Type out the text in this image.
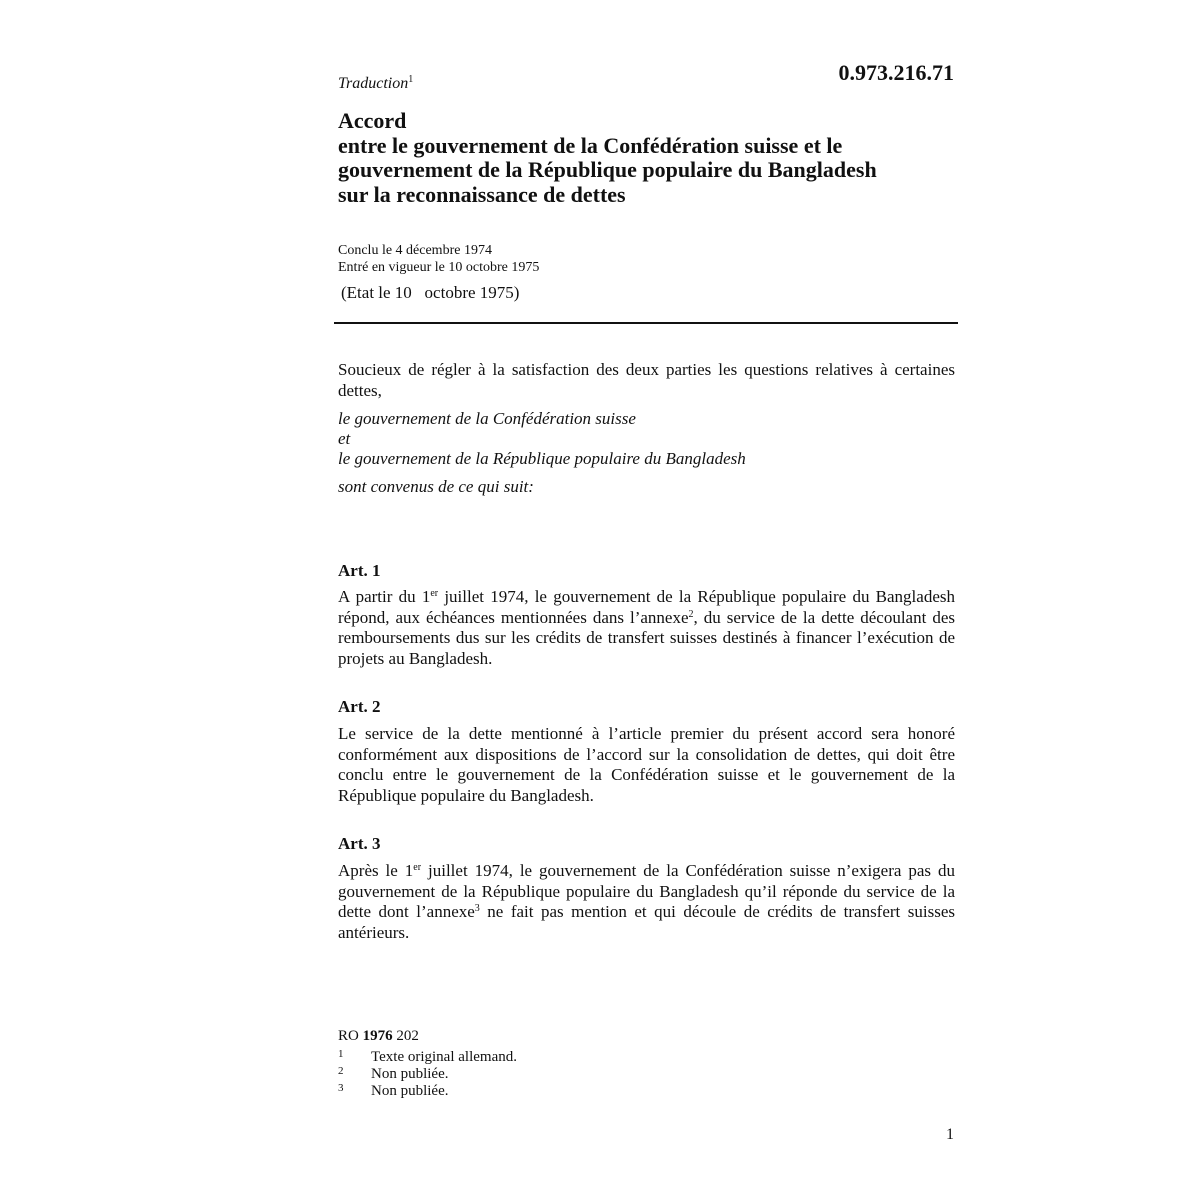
Traduction$^1$	0.973.216.71
Accord
entre le gouvernement de la Confédération suisse et le
gouvernement de la République populaire du Bangladesh
sur la reconnaissance de dettes
Conclu le 4 décembre 1974
Entré en vigueur le 10 octobre 1975
(Etat le 10   octobre 1975)
Soucieux de régler à la satisfaction des deux parties les questions relatives à certaines dettes,
le gouvernement de la Confédération suisse
et
le gouvernement de la République populaire du Bangladesh
sont convenus de ce qui suit:
Art. 1
A partir du 1er juillet 1974, le gouvernement de la République populaire du Bangladesh répond, aux échéances mentionnées dans l’annexe$^2$, du service de la dette découlant des remboursements dus sur les crédits de transfert suisses destinés à financer l’exécution de projets au Bangladesh.
Art. 2
Le service de la dette mentionné à l’article premier du présent accord sera honoré conformément aux dispositions de l’accord sur la consolidation de dettes, qui doit être conclu entre le gouvernement de la Confédération suisse et le gouvernement de la République populaire du Bangladesh.
Art. 3
Après le 1er juillet 1974, le gouvernement de la Confédération suisse n’exigera pas du gouvernement de la République populaire du Bangladesh qu’il réponde du service de la dette dont l’annexe$^3$ ne fait pas mention et qui découle de crédits de transfert suisses antérieurs.
RO 1976 202
1 Texte original allemand.
2 Non publiée.
3 Non publiée.
1
